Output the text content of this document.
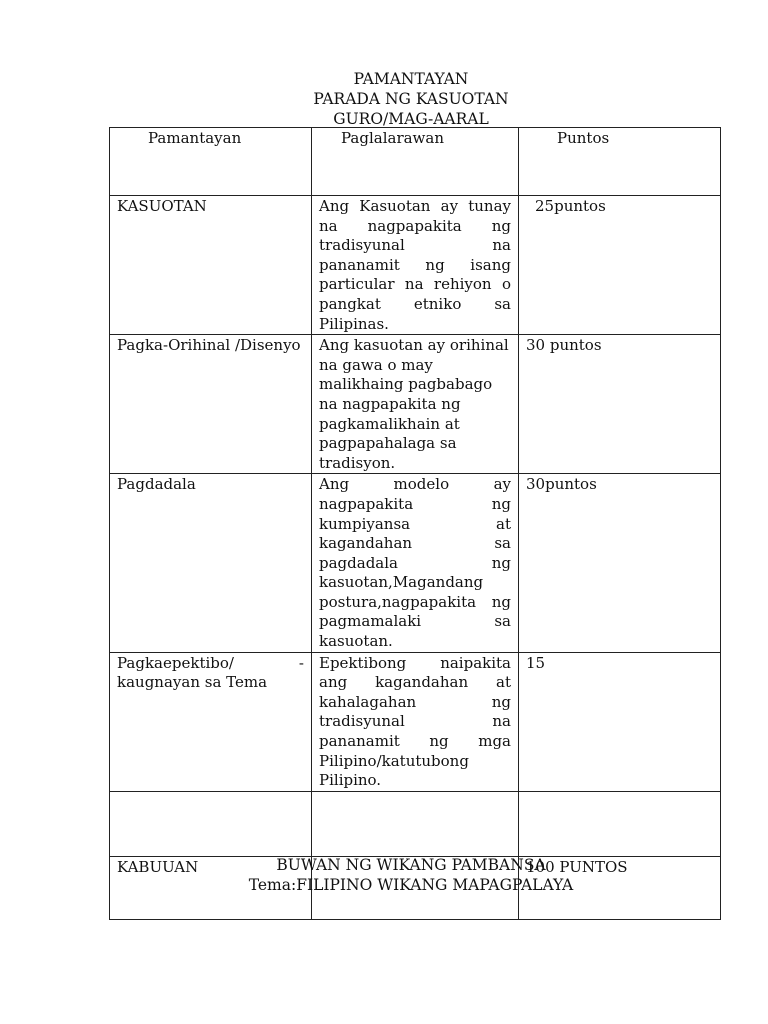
PAMANTAYAN
PARADA NG KASUOTAN
GURO/MAG-AARAL
Pamantayan	Paglalarawan	Puntos

KASUOTAN	Ang Kasuotan ay tunay na nagpapakita ng tradisyunal na pananamit ng isang particular na rehiyon o pangkat etniko sa Pilipinas.	25puntos

Pagka-Orihinal /Disenyo	Ang kasuotan ay orihinal na gawa o may malikhaing pagbabago na nagpapakita ng pagkamalikhain at pagpapahalaga sa tradisyon.	30 puntos

Pagdadala	Ang modelo ay nagpapakita ng kumpiyansa at kagandahan sa pagdadala ng kasuotan,Magandang postura,nagpapakita ng pagmamalaki sa kasuotan.	30puntos

Pagkaepektibo/ -
kaugnayan sa Tema	Epektibong naipakita ang kagandahan at kahalagahan ng tradisyunal na pananamit ng mga Pilipino/katutubong Pilipino.	15

KABUUAN		100 PUNTOS
BUWAN NG WIKANG PAMBANSA
Tema:FILIPINO WIKANG MAPAGPALAYA
